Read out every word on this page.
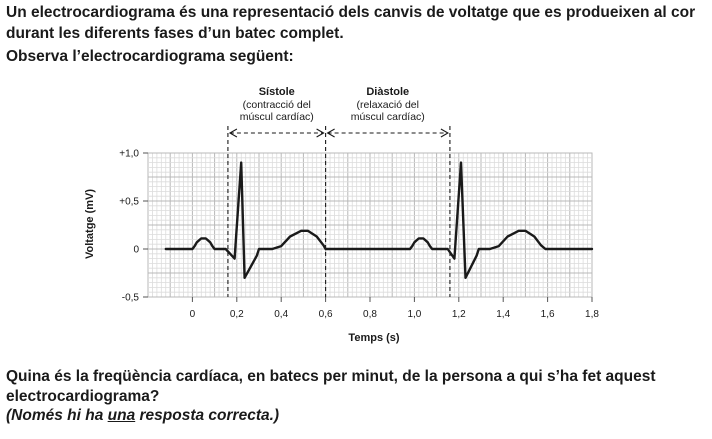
Un electrocardiograma és una representació dels canvis de voltatge que es produeixen al cor durant les diferents fases d’un batec complet.

Observa l’electrocardiograma següent:

Sístole
(contracció del
múscul cardíac)
Diàstole
(relaxació del
múscul cardíac)
0	0,2	0,4	0,6	0,8	1,0	1,2	1,4	1,6	1,8
+1,0
+0,5
0
-0,5
Temps (s)
Voltatge (mV)

Quina és la freqüència cardíaca, en batecs per minut, de la persona a qui s’ha fet aquest electrocardiograma?

(Només hi ha una resposta correcta.)
